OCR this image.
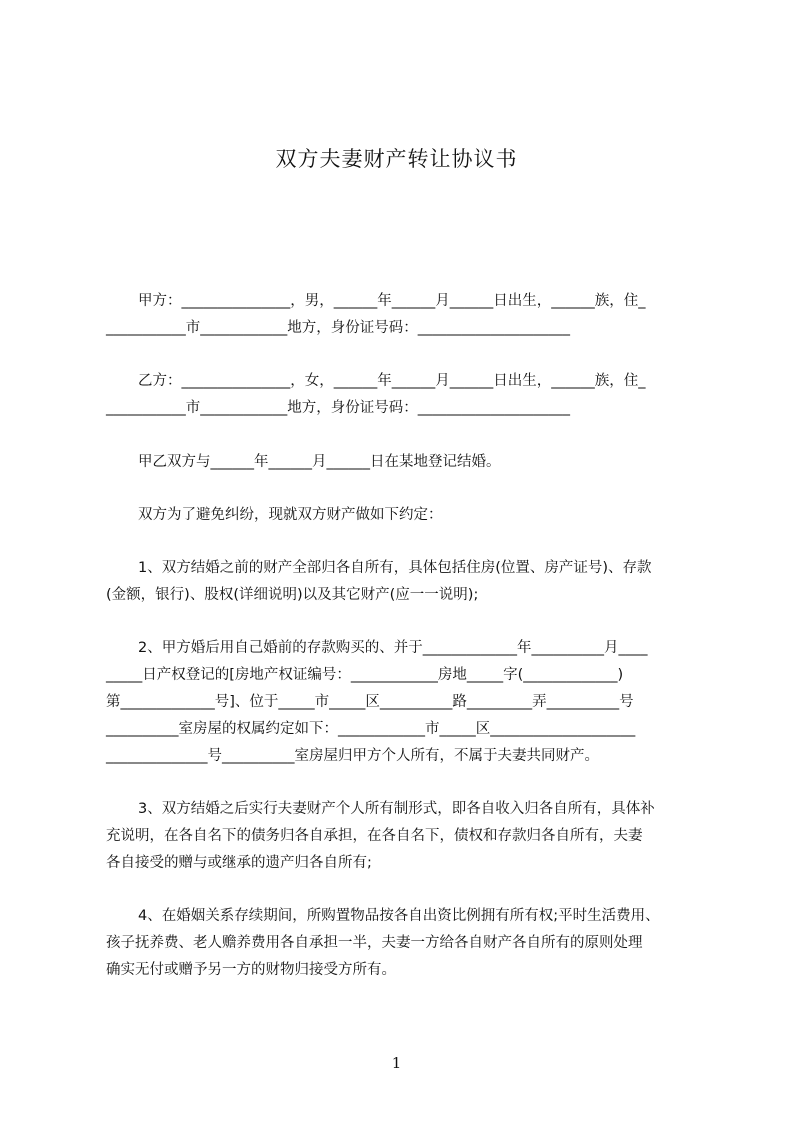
双方夫妻财产转让协议书
甲方：_______________，男，______年______月______日出生，______族，住_
___________市____________地方，身份证号码：_____________________
乙方：_______________，女，______年______月______日出生，______族，住_
___________市____________地方，身份证号码：_____________________
甲乙双方与______年______月______日在某地登记结婚。
双方为了避免纠纷，现就双方财产做如下约定：
1、双方结婚之前的财产全部归各自所有，具体包括住房(位置、房产证号)、存款
(金额，银行)、股权(详细说明)以及其它财产(应一一说明);
2、甲方婚后用自己婚前的存款购买的、并于_____________年__________月____
_____日产权登记的[房地产权证编号：____________房地_____字(_____________)
第_____________号]、位于_____市_____区__________路_________弄__________号
__________室房屋的权属约定如下：____________市_____区____________________
______________号__________室房屋归甲方个人所有，不属于夫妻共同财产。
3、双方结婚之后实行夫妻财产个人所有制形式，即各自收入归各自所有，具体补
充说明，在各自名下的债务归各自承担，在各自名下，债权和存款归各自所有，夫妻
各自接受的赠与或继承的遗产归各自所有;
4、在婚姻关系存续期间，所购置物品按各自出资比例拥有所有权;平时生活费用、
孩子抚养费、老人赡养费用各自承担一半，夫妻一方给各自财产各自所有的原则处理
确实无付或赠予另一方的财物归接受方所有。
1
